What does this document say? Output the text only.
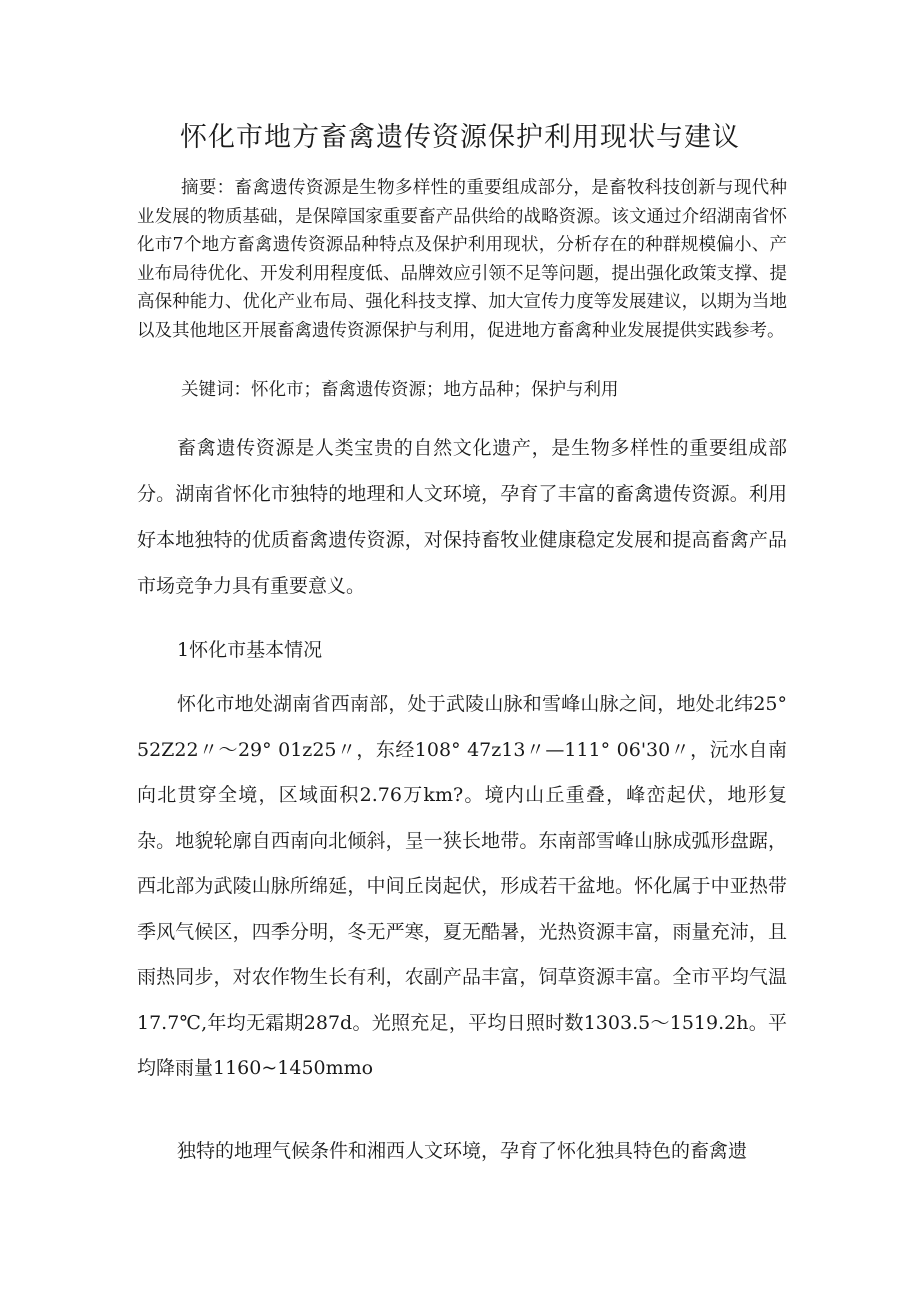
怀化市地方畜禽遗传资源保护利用现状与建议

摘要：畜禽遗传资源是生物多样性的重要组成部分，是畜牧科技创新与现代种业发展的物质基础，是保障国家重要畜产品供给的战略资源。该文通过介绍湖南省怀化市7个地方畜禽遗传资源品种特点及保护利用现状，分析存在的种群规模偏小、产业布局待优化、开发利用程度低、品牌效应引领不足等问题，提出强化政策支撑、提高保种能力、优化产业布局、强化科技支撑、加大宣传力度等发展建议，以期为当地以及其他地区开展畜禽遗传资源保护与利用，促进地方畜禽种业发展提供实践参考。

关键词：怀化市；畜禽遗传资源；地方品种；保护与利用

畜禽遗传资源是人类宝贵的自然文化遗产，是生物多样性的重要组成部分。湖南省怀化市独特的地理和人文环境，孕育了丰富的畜禽遗传资源。利用好本地独特的优质畜禽遗传资源，对保持畜牧业健康稳定发展和提高畜禽产品市场竞争力具有重要意义。

1怀化市基本情况

怀化市地处湖南省西南部，处于武陵山脉和雪峰山脉之间，地处北纬25° 52Z22〃～29° 01z25〃，东经108° 47z13〃—111° 06'30〃，沅水自南向北贯穿全境，区域面积2.76万km?。境内山丘重叠，峰峦起伏，地形复杂。地貌轮廓自西南向北倾斜，呈一狭长地带。东南部雪峰山脉成弧形盘踞，西北部为武陵山脉所绵延，中间丘岗起伏，形成若干盆地。怀化属于中亚热带季风气候区，四季分明，冬无严寒，夏无酷暑，光热资源丰富，雨量充沛，且雨热同步，对农作物生长有利，农副产品丰富，饲草资源丰富。全市平均气温17.7℃,年均无霜期287d。光照充足，平均日照时数1303.5～1519.2h。平均降雨量1160~1450mmo

独特的地理气候条件和湘西人文环境，孕育了怀化独具特色的畜禽遗
